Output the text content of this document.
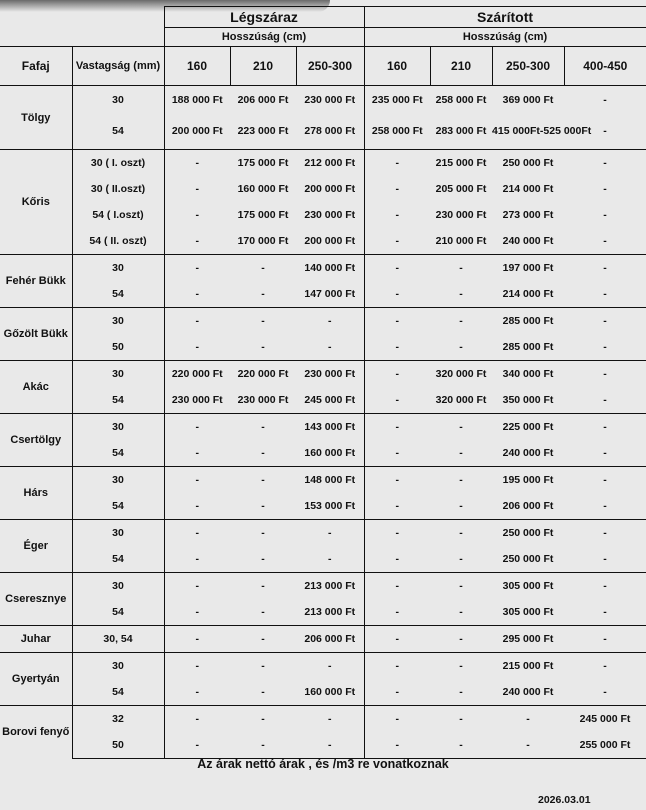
		Légszáraz			Szárított			
		Hosszúság (cm)			Hosszúság (cm)			
Fafaj	Vastagság (mm)	160	210	250-300	160	210	250-300	400-450
Tölgy	30	188 000 Ft	206 000 Ft	230 000 Ft	235 000 Ft	258 000 Ft	369 000 Ft	-
	54	200 000 Ft	223 000 Ft	278 000 Ft	258 000 Ft	283 000 Ft	415 000Ft-525 000Ft	-
Kőris	30 ( I. oszt)	-	175 000 Ft	212 000 Ft	-	215 000 Ft	250 000 Ft	-
	30 ( II.oszt)	-	160 000 Ft	200 000 Ft	-	205 000 Ft	214 000 Ft	-
	54 ( I.oszt)	-	175 000 Ft	230 000 Ft	-	230 000 Ft	273 000 Ft	-
	54 ( II. oszt)	-	170 000 Ft	200 000 Ft	-	210 000 Ft	240 000 Ft	-
Fehér Bükk	30	-	-	140 000 Ft	-	-	197 000 Ft	-
	54	-	-	147 000 Ft	-	-	214 000 Ft	-
Gőzölt Bükk	30	-	-	-	-	-	285 000 Ft	-
	50	-	-	-	-	-	285 000 Ft	-
Akác	30	220 000 Ft	220 000 Ft	230 000 Ft	-	320 000 Ft	340 000 Ft	-
	54	230 000 Ft	230 000 Ft	245 000 Ft	-	320 000 Ft	350 000 Ft	-
Csertölgy	30	-	-	143 000 Ft	-	-	225 000 Ft	-
	54	-	-	160 000 Ft	-	-	240 000 Ft	-
Hárs	30	-	-	148 000 Ft	-	-	195 000 Ft	-
	54	-	-	153 000 Ft	-	-	206 000 Ft	-
Éger	30	-	-	-	-	-	250 000 Ft	-
	54	-	-	-	-	-	250 000 Ft	-
Cseresznye	30	-	-	213 000 Ft	-	-	305 000 Ft	-
	54	-	-	213 000 Ft	-	-	305 000 Ft	-
Juhar	30, 54	-	-	206 000 Ft	-	-	295 000 Ft	-
Gyertyán	30	-	-	-	-	-	215 000 Ft	-
	54	-	-	160 000 Ft	-	-	240 000 Ft	-
Borovi fenyő	32	-	-	-	-	-	-	245 000 Ft
	50	-	-	-	-	-	-	255 000 Ft
Az árak nettó árak , és /m3 re vonatkoznak
2026.03.01
